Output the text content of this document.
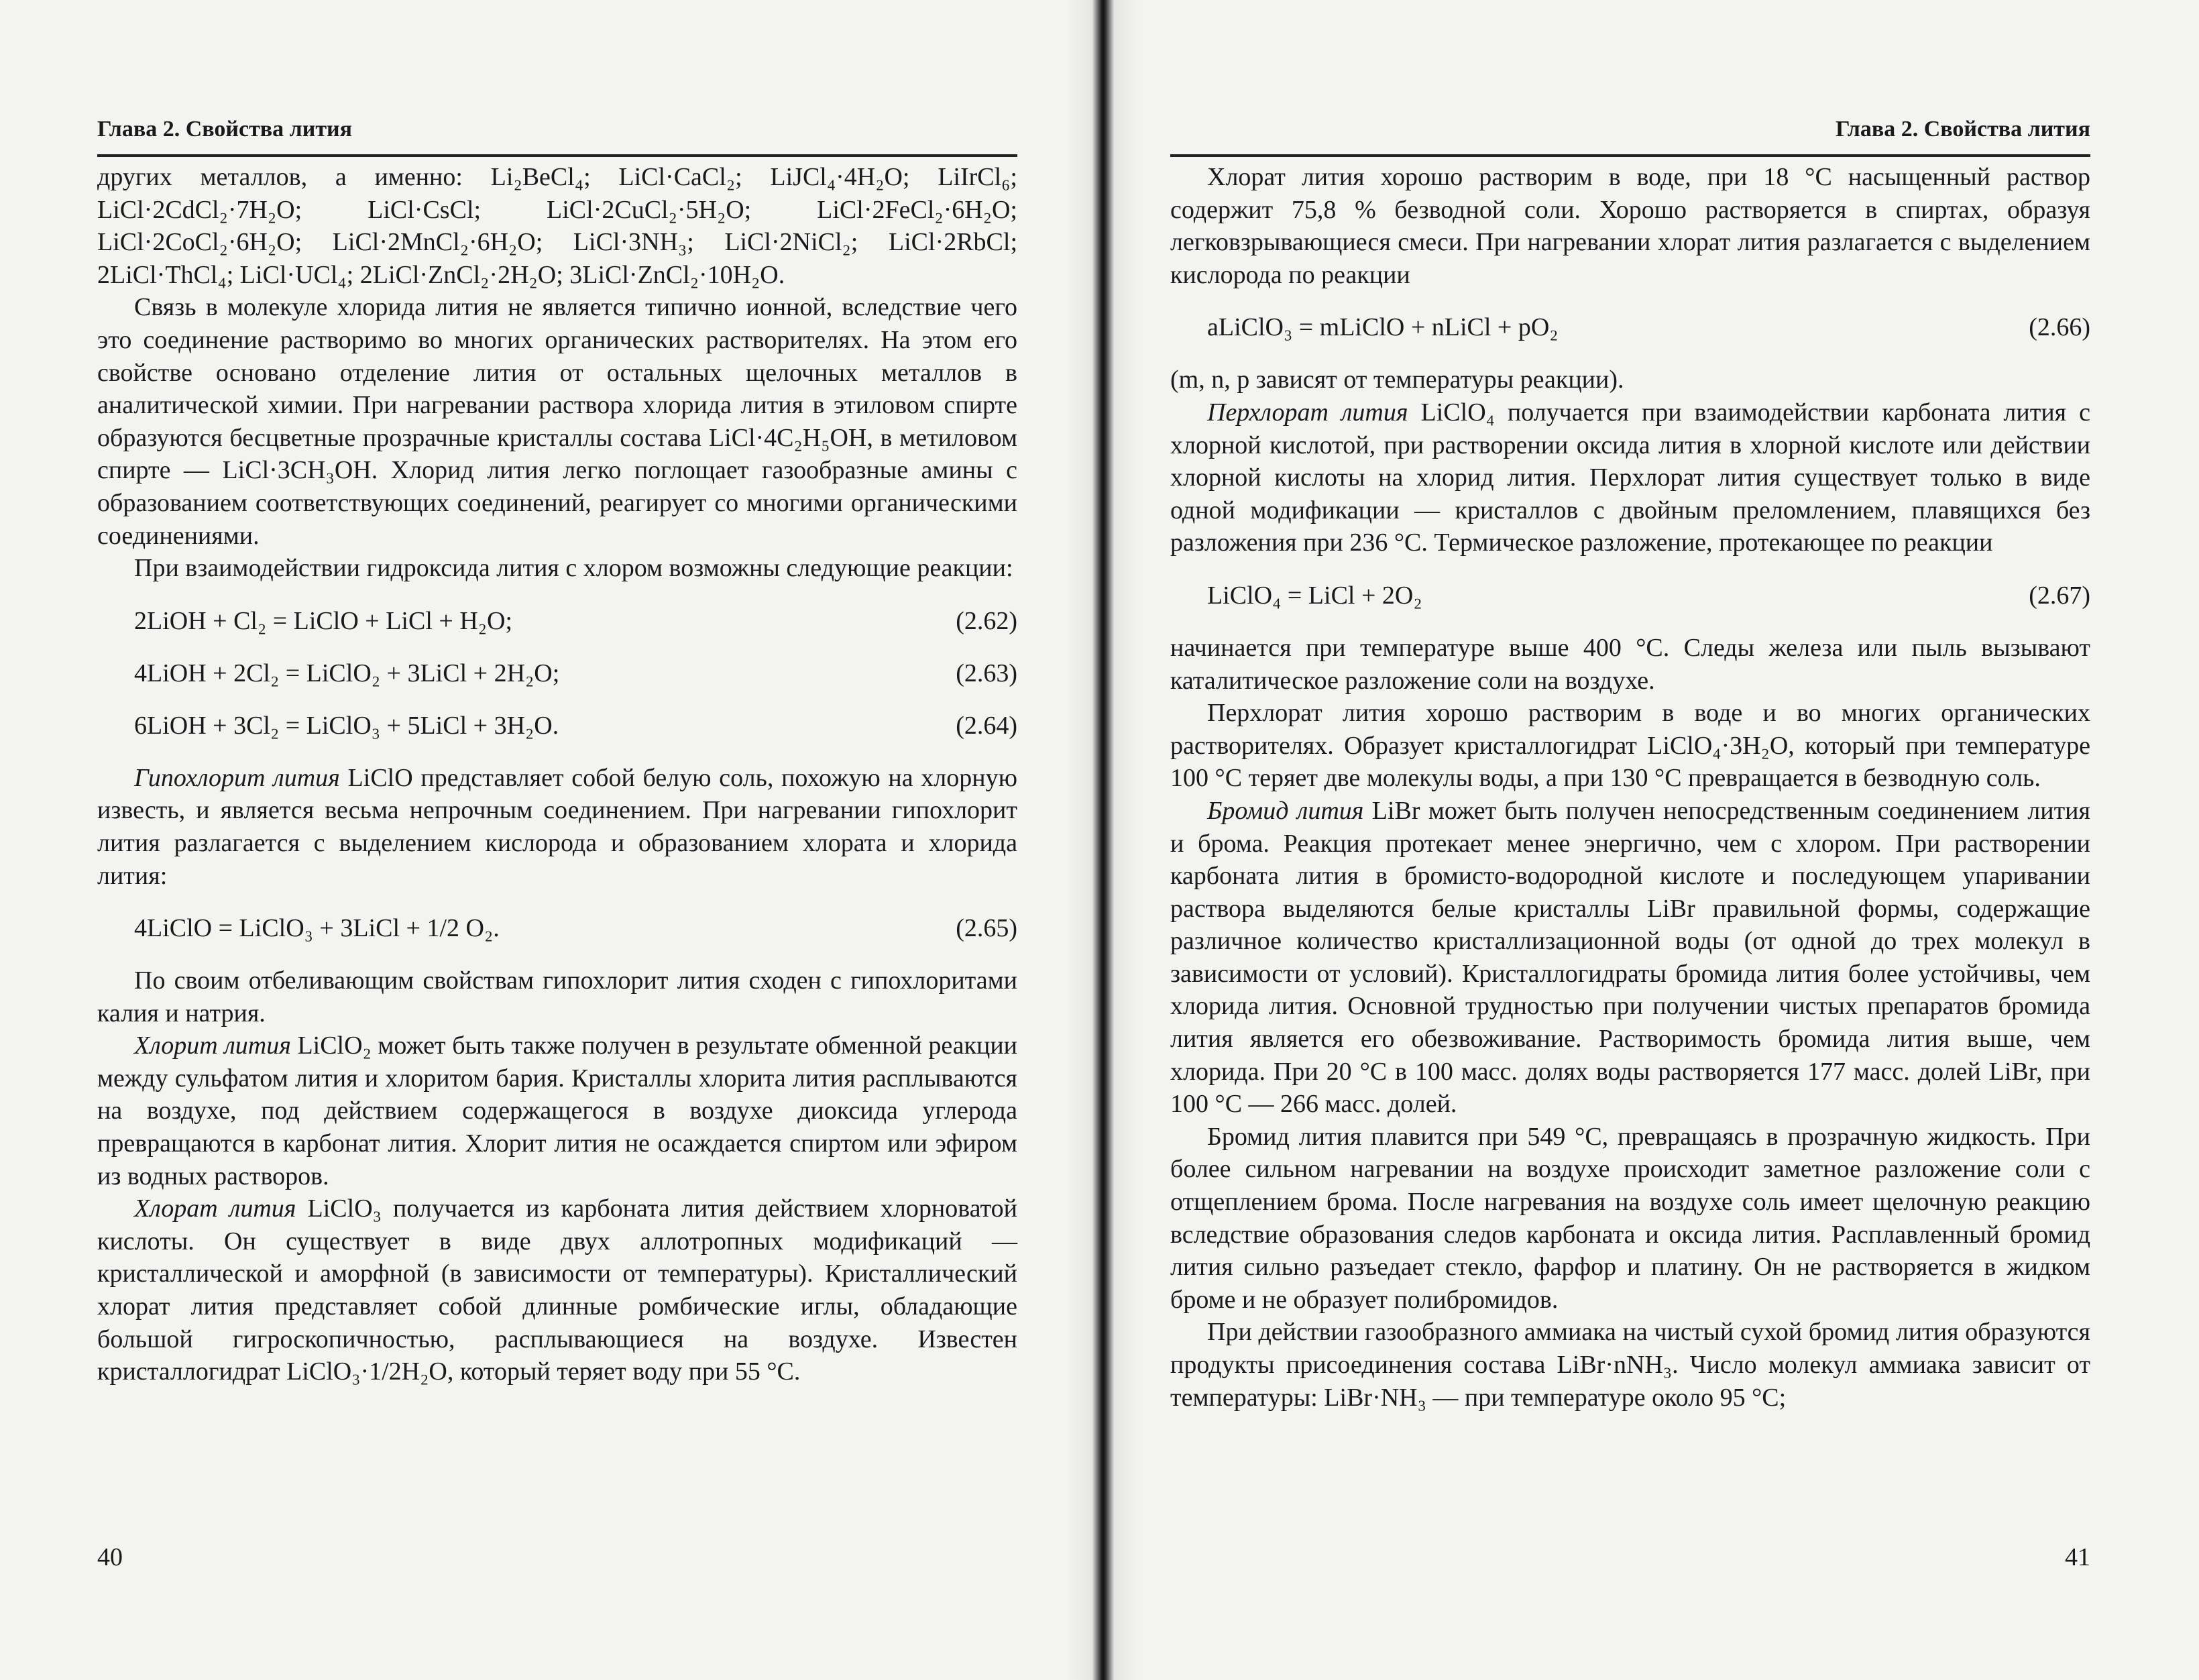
Глава 2. Свойства лития

других металлов, а именно: Li₂BeCl₄; LiCl·CaCl₂; LiJCl₄·4H₂O; LiIrCl₆; LiCl·2CdCl₂·7H₂O; LiCl·CsCl; LiCl·2CuCl₂·5H₂O; LiCl·2FeCl₂·6H₂O; LiCl·2CoCl₂·6H₂O; LiCl·2MnCl₂·6H₂O; LiCl·3NH₃; LiCl·2NiCl₂; LiCl·2RbCl; 2LiCl·ThCl₄; LiCl·UCl₄; 2LiCl·ZnCl₂·2H₂O; 3LiCl·ZnCl₂·10H₂O.

Связь в молекуле хлорида лития не является типично ионной, вследствие чего это соединение растворимо во многих органических растворителях. На этом его свойстве основано отделение лития от остальных щелочных металлов в аналитической химии. При нагревании раствора хлорида лития в этиловом спирте образуются бесцветные прозрачные кристаллы состава LiCl·4C₂H₅OH, в метиловом спирте — LiCl·3CH₃OH. Хлорид лития легко поглощает газообразные амины с образованием соответствующих соединений, реагирует со многими органическими соединениями.

При взаимодействии гидроксида лития с хлором возможны следующие реакции:

2LiOH + Cl₂ = LiClO + LiCl + H₂O;	(2.62)
4LiOH + 2Cl₂ = LiClO₂ + 3LiCl + 2H₂O;	(2.63)
6LiOH + 3Cl₂ = LiClO₃ + 5LiCl + 3H₂O.	(2.64)

Гипохлорит лития LiClO представляет собой белую соль, похожую на хлорную известь, и является весьма непрочным соединением. При нагревании гипохлорит лития разлагается с выделением кислорода и образованием хлората и хлорида лития:

4LiClO = LiClO₃ + 3LiCl + 1/2 O₂.	(2.65)

По своим отбеливающим свойствам гипохлорит лития сходен с гипохлоритами калия и натрия.

Хлорит лития LiClO₂ может быть также получен в результате обменной реакции между сульфатом лития и хлоритом бария. Кристаллы хлорита лития расплываются на воздухе, под действием содержащегося в воздухе диоксида углерода превращаются в карбонат лития. Хлорит лития не осаждается спиртом или эфиром из водных растворов.

Хлорат лития LiClO₃ получается из карбоната лития действием хлорноватой кислоты. Он существует в виде двух аллотропных модификаций — кристаллической и аморфной (в зависимости от температуры). Кристаллический хлорат лития представляет собой длинные ромбические иглы, обладающие большой гигроскопичностью, расплывающиеся на воздухе. Известен кристаллогидрат LiClO₃·1/2H₂O, который теряет воду при 55 °C.

40
Глава 2. Свойства лития

Хлорат лития хорошо растворим в воде, при 18 °C насыщенный раствор содержит 75,8 % безводной соли. Хорошо растворяется в спиртах, образуя легковзрывающиеся смеси. При нагревании хлорат лития разлагается с выделением кислорода по реакции

aLiClO₃ = mLiClO + nLiCl + pO₂	(2.66)

(m, n, p зависят от температуры реакции).

Перхлорат лития LiClO₄ получается при взаимодействии карбоната лития с хлорной кислотой, при растворении оксида лития в хлорной кислоте или действии хлорной кислоты на хлорид лития. Перхлорат лития существует только в виде одной модификации — кристаллов с двойным преломлением, плавящихся без разложения при 236 °C. Термическое разложение, протекающее по реакции

LiClO₄ = LiCl + 2O₂	(2.67)

начинается при температуре выше 400 °C. Следы железа или пыль вызывают каталитическое разложение соли на воздухе.

Перхлорат лития хорошо растворим в воде и во многих органических растворителях. Образует кристаллогидрат LiClO₄·3H₂O, который при температуре 100 °C теряет две молекулы воды, а при 130 °C превращается в безводную соль.

Бромид лития LiBr может быть получен непосредственным соединением лития и брома. Реакция протекает менее энергично, чем с хлором. При растворении карбоната лития в бромисто-водородной кислоте и последующем упаривании раствора выделяются белые кристаллы LiBr правильной формы, содержащие различное количество кристаллизационной воды (от одной до трех молекул в зависимости от условий). Кристаллогидраты бромида лития более устойчивы, чем хлорида лития. Основной трудностью при получении чистых препаратов бромида лития является его обезвоживание. Растворимость бромида лития выше, чем хлорида. При 20 °C в 100 масс. долях воды растворяется 177 масс. долей LiBr, при 100 °C — 266 масс. долей.

Бромид лития плавится при 549 °C, превращаясь в прозрачную жидкость. При более сильном нагревании на воздухе происходит заметное разложение соли с отщеплением брома. После нагревания на воздухе соль имеет щелочную реакцию вследствие образования следов карбоната и оксида лития. Расплавленный бромид лития сильно разъедает стекло, фарфор и платину. Он не растворяется в жидком броме и не образует полибромидов.

При действии газообразного аммиака на чистый сухой бромид лития образуются продукты присоединения состава LiBr·nNH₃. Число молекул аммиака зависит от температуры: LiBr·NH₃ — при температуре около 95 °C;

41
